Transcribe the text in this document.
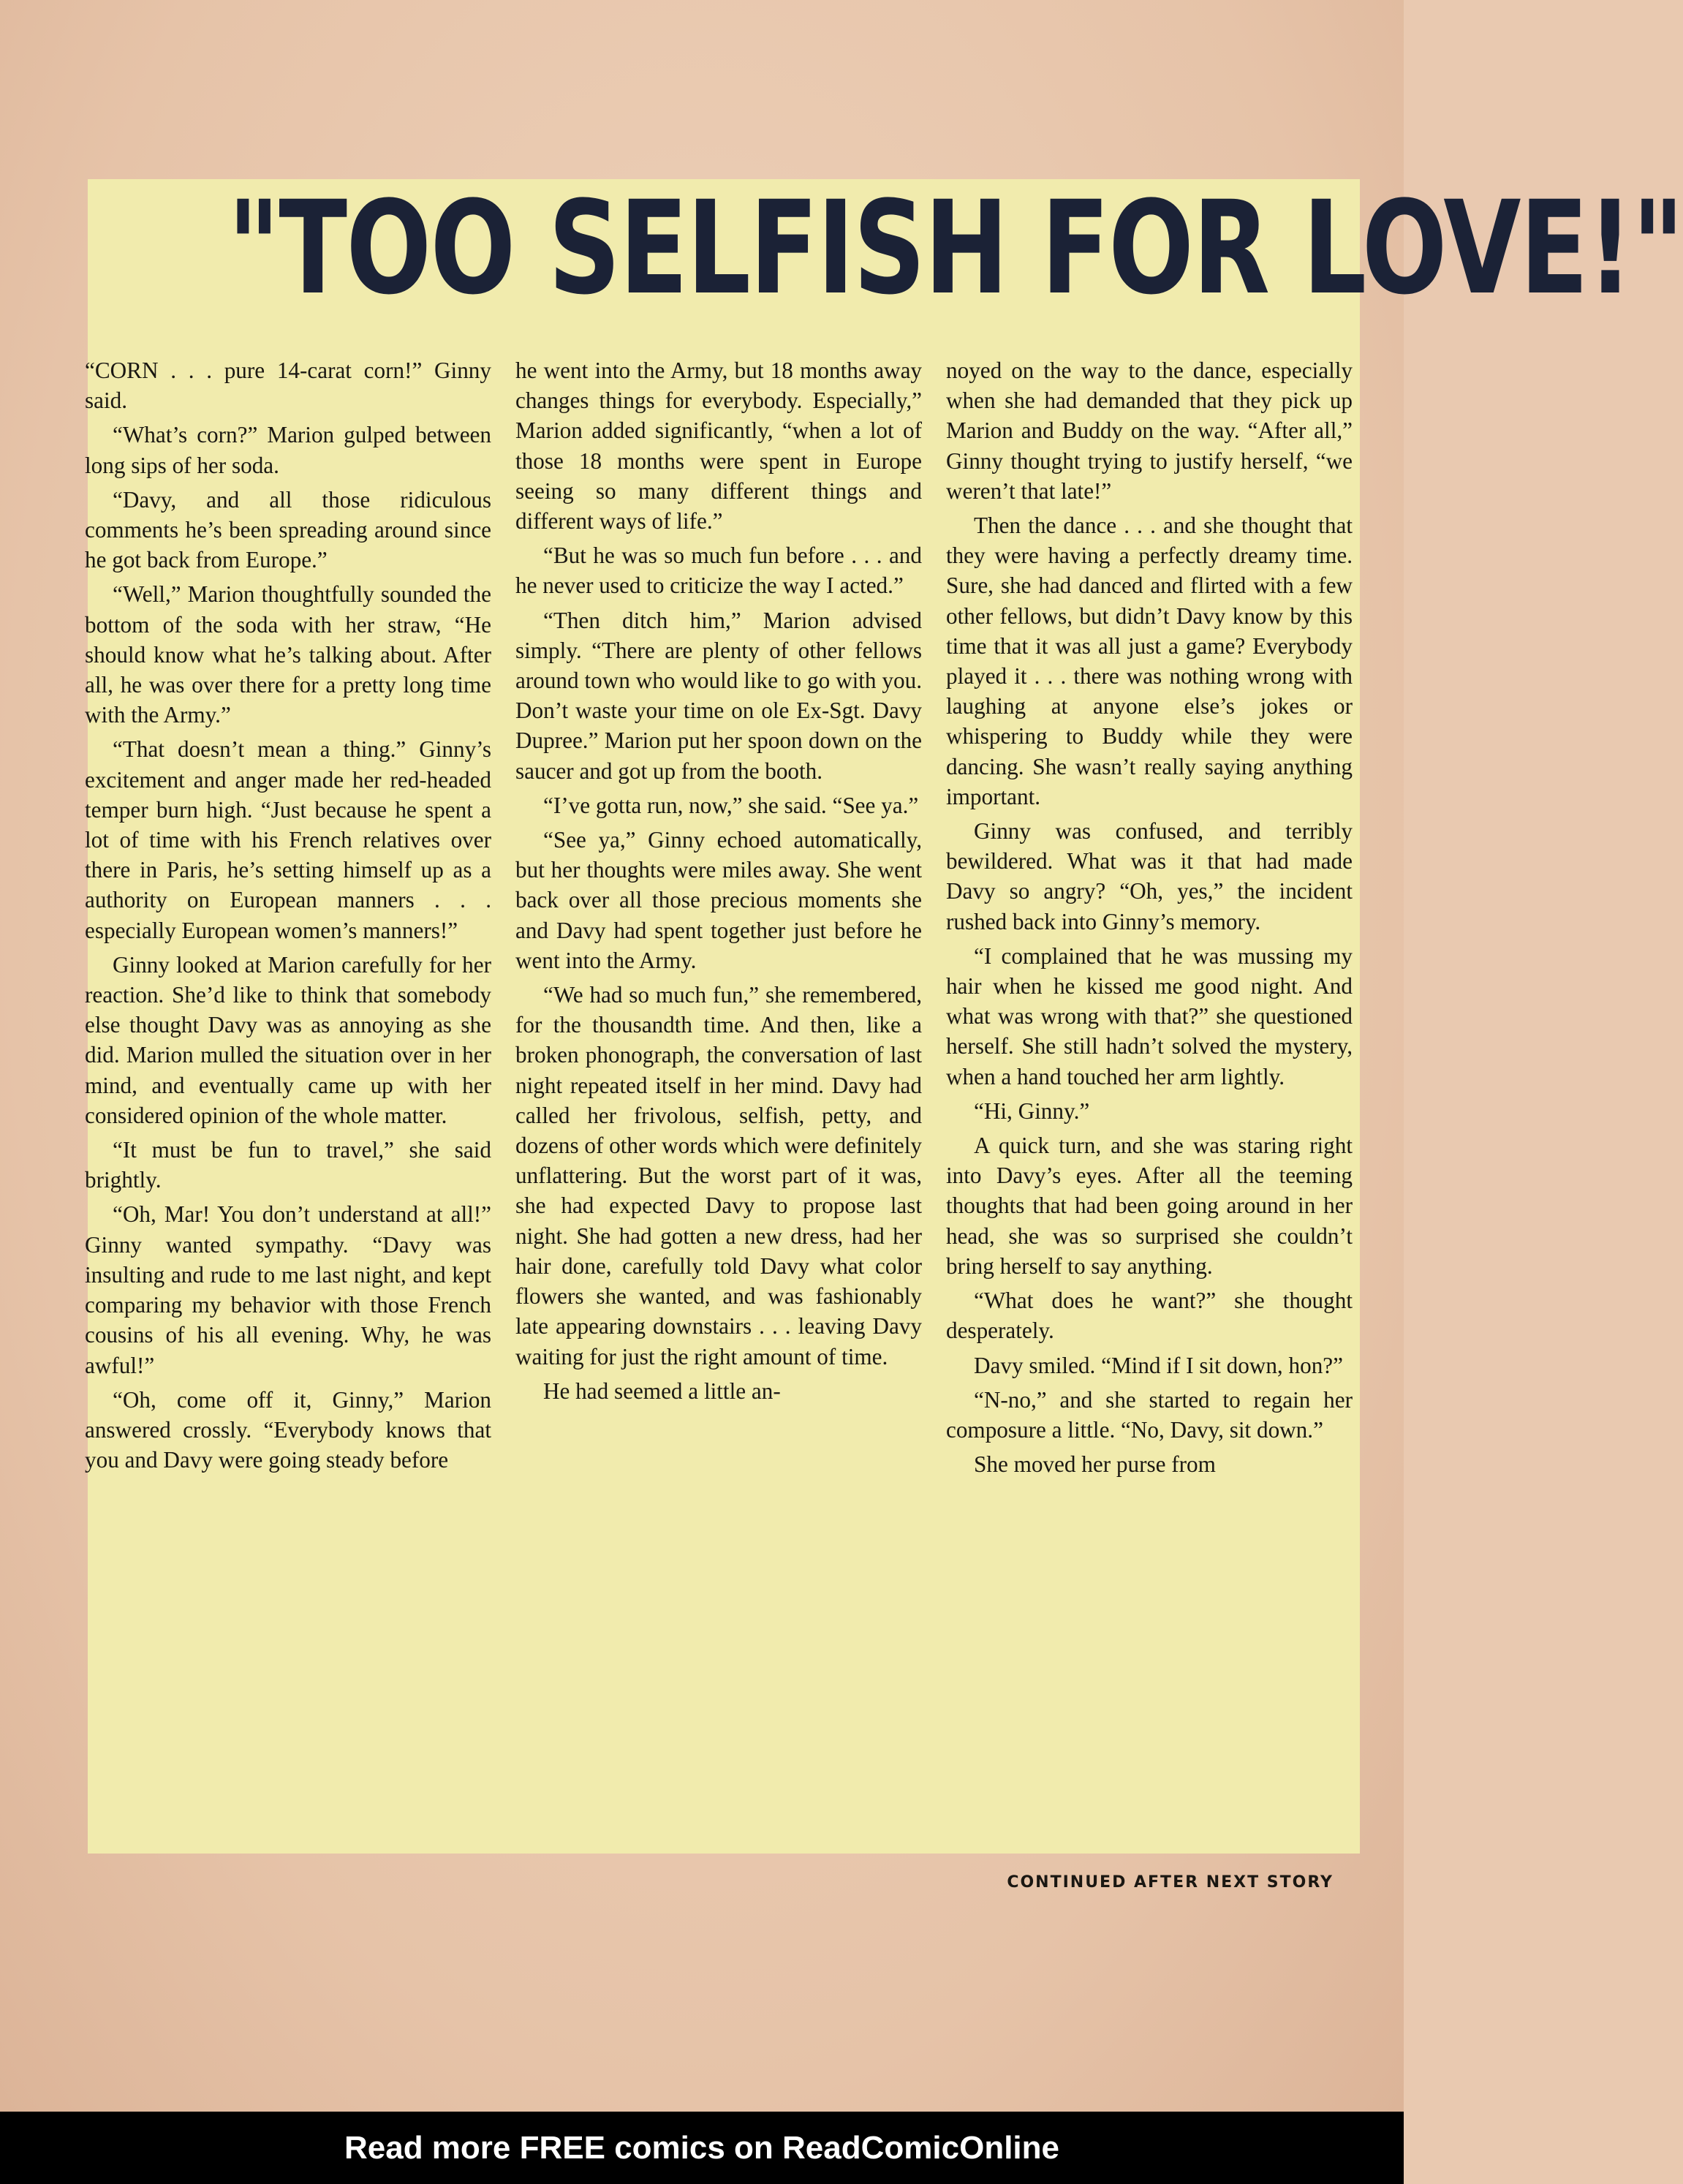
"TOO SELFISH FOR LOVE!"

“CORN . . . pure 14-carat corn!” Ginny said.

“What’s corn?” Marion gulped between long sips of her soda.

“Davy, and all those ridiculous comments he’s been spreading around since he got back from Europe.”

“Well,” Marion thoughtfully sounded the bottom of the soda with her straw, “He should know what he’s talking about. After all, he was over there for a pretty long time with the Army.”

“That doesn’t mean a thing.” Ginny’s excitement and anger made her red-headed temper burn high. “Just because he spent a lot of time with his French relatives over there in Paris, he’s setting himself up as a authority on European manners . . . especially European women’s manners!”

Ginny looked at Marion carefully for her reaction. She’d like to think that somebody else thought Davy was as annoying as she did. Marion mulled the situation over in her mind, and eventually came up with her considered opinion of the whole matter.

“It must be fun to travel,” she said brightly.

“Oh, Mar! You don’t understand at all!” Ginny wanted sympathy. “Davy was insulting and rude to me last night, and kept comparing my behavior with those French cousins of his all evening. Why, he was awful!”

“Oh, come off it, Ginny,” Marion answered crossly. “Everybody knows that you and Davy were going steady before

he went into the Army, but 18 months away changes things for everybody. Especially,” Marion added significantly, “when a lot of those 18 months were spent in Europe seeing so many different things and different ways of life.”

“But he was so much fun before . . . and he never used to criticize the way I acted.”

“Then ditch him,” Marion advised simply. “There are plenty of other fellows around town who would like to go with you. Don’t waste your time on ole Ex-Sgt. Davy Dupree.” Marion put her spoon down on the saucer and got up from the booth.

“I’ve gotta run, now,” she said. “See ya.”

“See ya,” Ginny echoed automatically, but her thoughts were miles away. She went back over all those precious moments she and Davy had spent together just before he went into the Army.

“We had so much fun,” she remembered, for the thousandth time. And then, like a broken phonograph, the conversation of last night repeated itself in her mind. Davy had called her frivolous, selfish, petty, and dozens of other words which were definitely unflattering. But the worst part of it was, she had expected Davy to propose last night. She had gotten a new dress, had her hair done, carefully told Davy what color flowers she wanted, and was fashionably late appearing downstairs . . . leaving Davy waiting for just the right amount of time.

He had seemed a little an-

noyed on the way to the dance, especially when she had demanded that they pick up Marion and Buddy on the way. “After all,” Ginny thought trying to justify herself, “we weren’t that late!”

Then the dance . . . and she thought that they were having a perfectly dreamy time. Sure, she had danced and flirted with a few other fellows, but didn’t Davy know by this time that it was all just a game? Everybody played it . . . there was nothing wrong with laughing at anyone else’s jokes or whispering to Buddy while they were dancing. She wasn’t really saying anything important.

Ginny was confused, and terribly bewildered. What was it that had made Davy so angry? “Oh, yes,” the incident rushed back into Ginny’s memory.

“I complained that he was mussing my hair when he kissed me good night. And what was wrong with that?” she questioned herself. She still hadn’t solved the mystery, when a hand touched her arm lightly.

“Hi, Ginny.”

A quick turn, and she was staring right into Davy’s eyes. After all the teeming thoughts that had been going around in her head, she was so surprised she couldn’t bring herself to say anything.

“What does he want?” she thought desperately.

Davy smiled. “Mind if I sit down, hon?”

“N-no,” and she started to regain her composure a little. “No, Davy, sit down.”

She moved her purse from

CONTINUED AFTER NEXT STORY

Read more FREE comics on ReadComicOnline
